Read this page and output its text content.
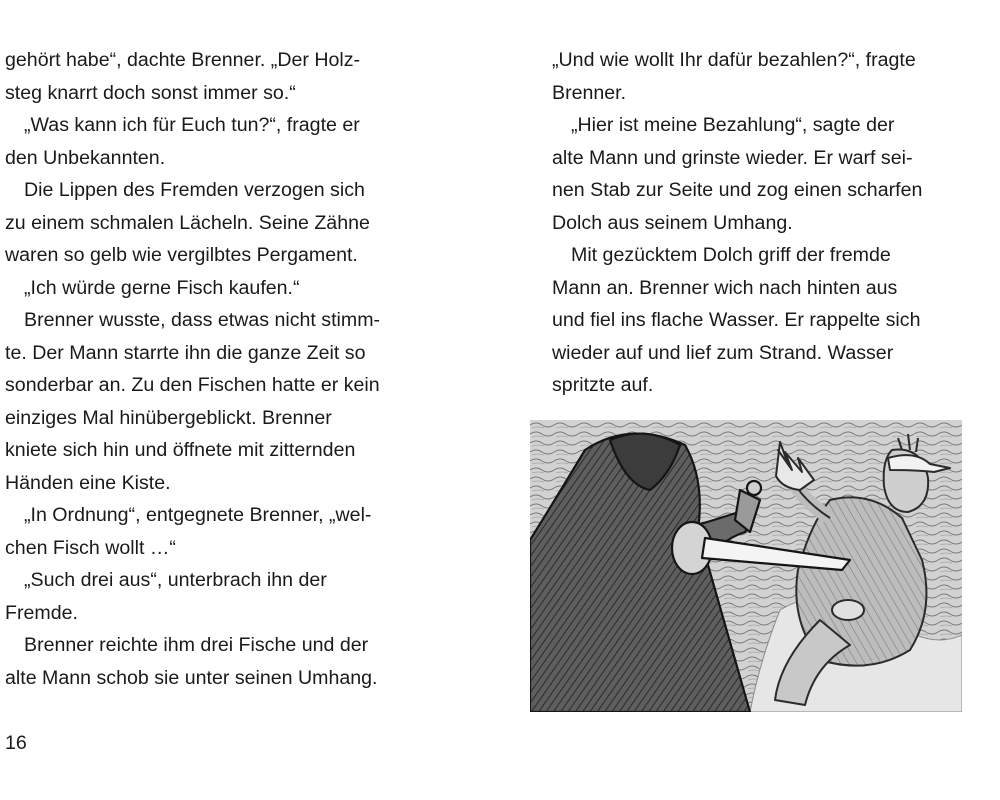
gehört habe“, dachte Brenner. „Der Holz-
steg knarrt doch sonst immer so.“
„Was kann ich für Euch tun?“, fragte er
den Unbekannten.
Die Lippen des Fremden verzogen sich
zu einem schmalen Lächeln. Seine Zähne
waren so gelb wie vergilbtes Pergament.
„Ich würde gerne Fisch kaufen.“
Brenner wusste, dass etwas nicht stimm-
te. Der Mann starrte ihn die ganze Zeit so
sonderbar an. Zu den Fischen hatte er kein
einziges Mal hinübergeblickt. Brenner
kniete sich hin und öffnete mit zitternden
Händen eine Kiste.
„In Ordnung“, entgegnete Brenner, „wel-
chen Fisch wollt …“
„Such drei aus“, unterbrach ihn der
Fremde.
Brenner reichte ihm drei Fische und der
alte Mann schob sie unter seinen Umhang.
„Und wie wollt Ihr dafür bezahlen?“, fragte
Brenner.
„Hier ist meine Bezahlung“, sagte der
alte Mann und grinste wieder. Er warf sei-
nen Stab zur Seite und zog einen scharfen
Dolch aus seinem Umhang.
Mit gezücktem Dolch griff der fremde
Mann an. Brenner wich nach hinten aus
und fiel ins flache Wasser. Er rappelte sich
wieder auf und lief zum Strand. Wasser
spritzte auf.
16
